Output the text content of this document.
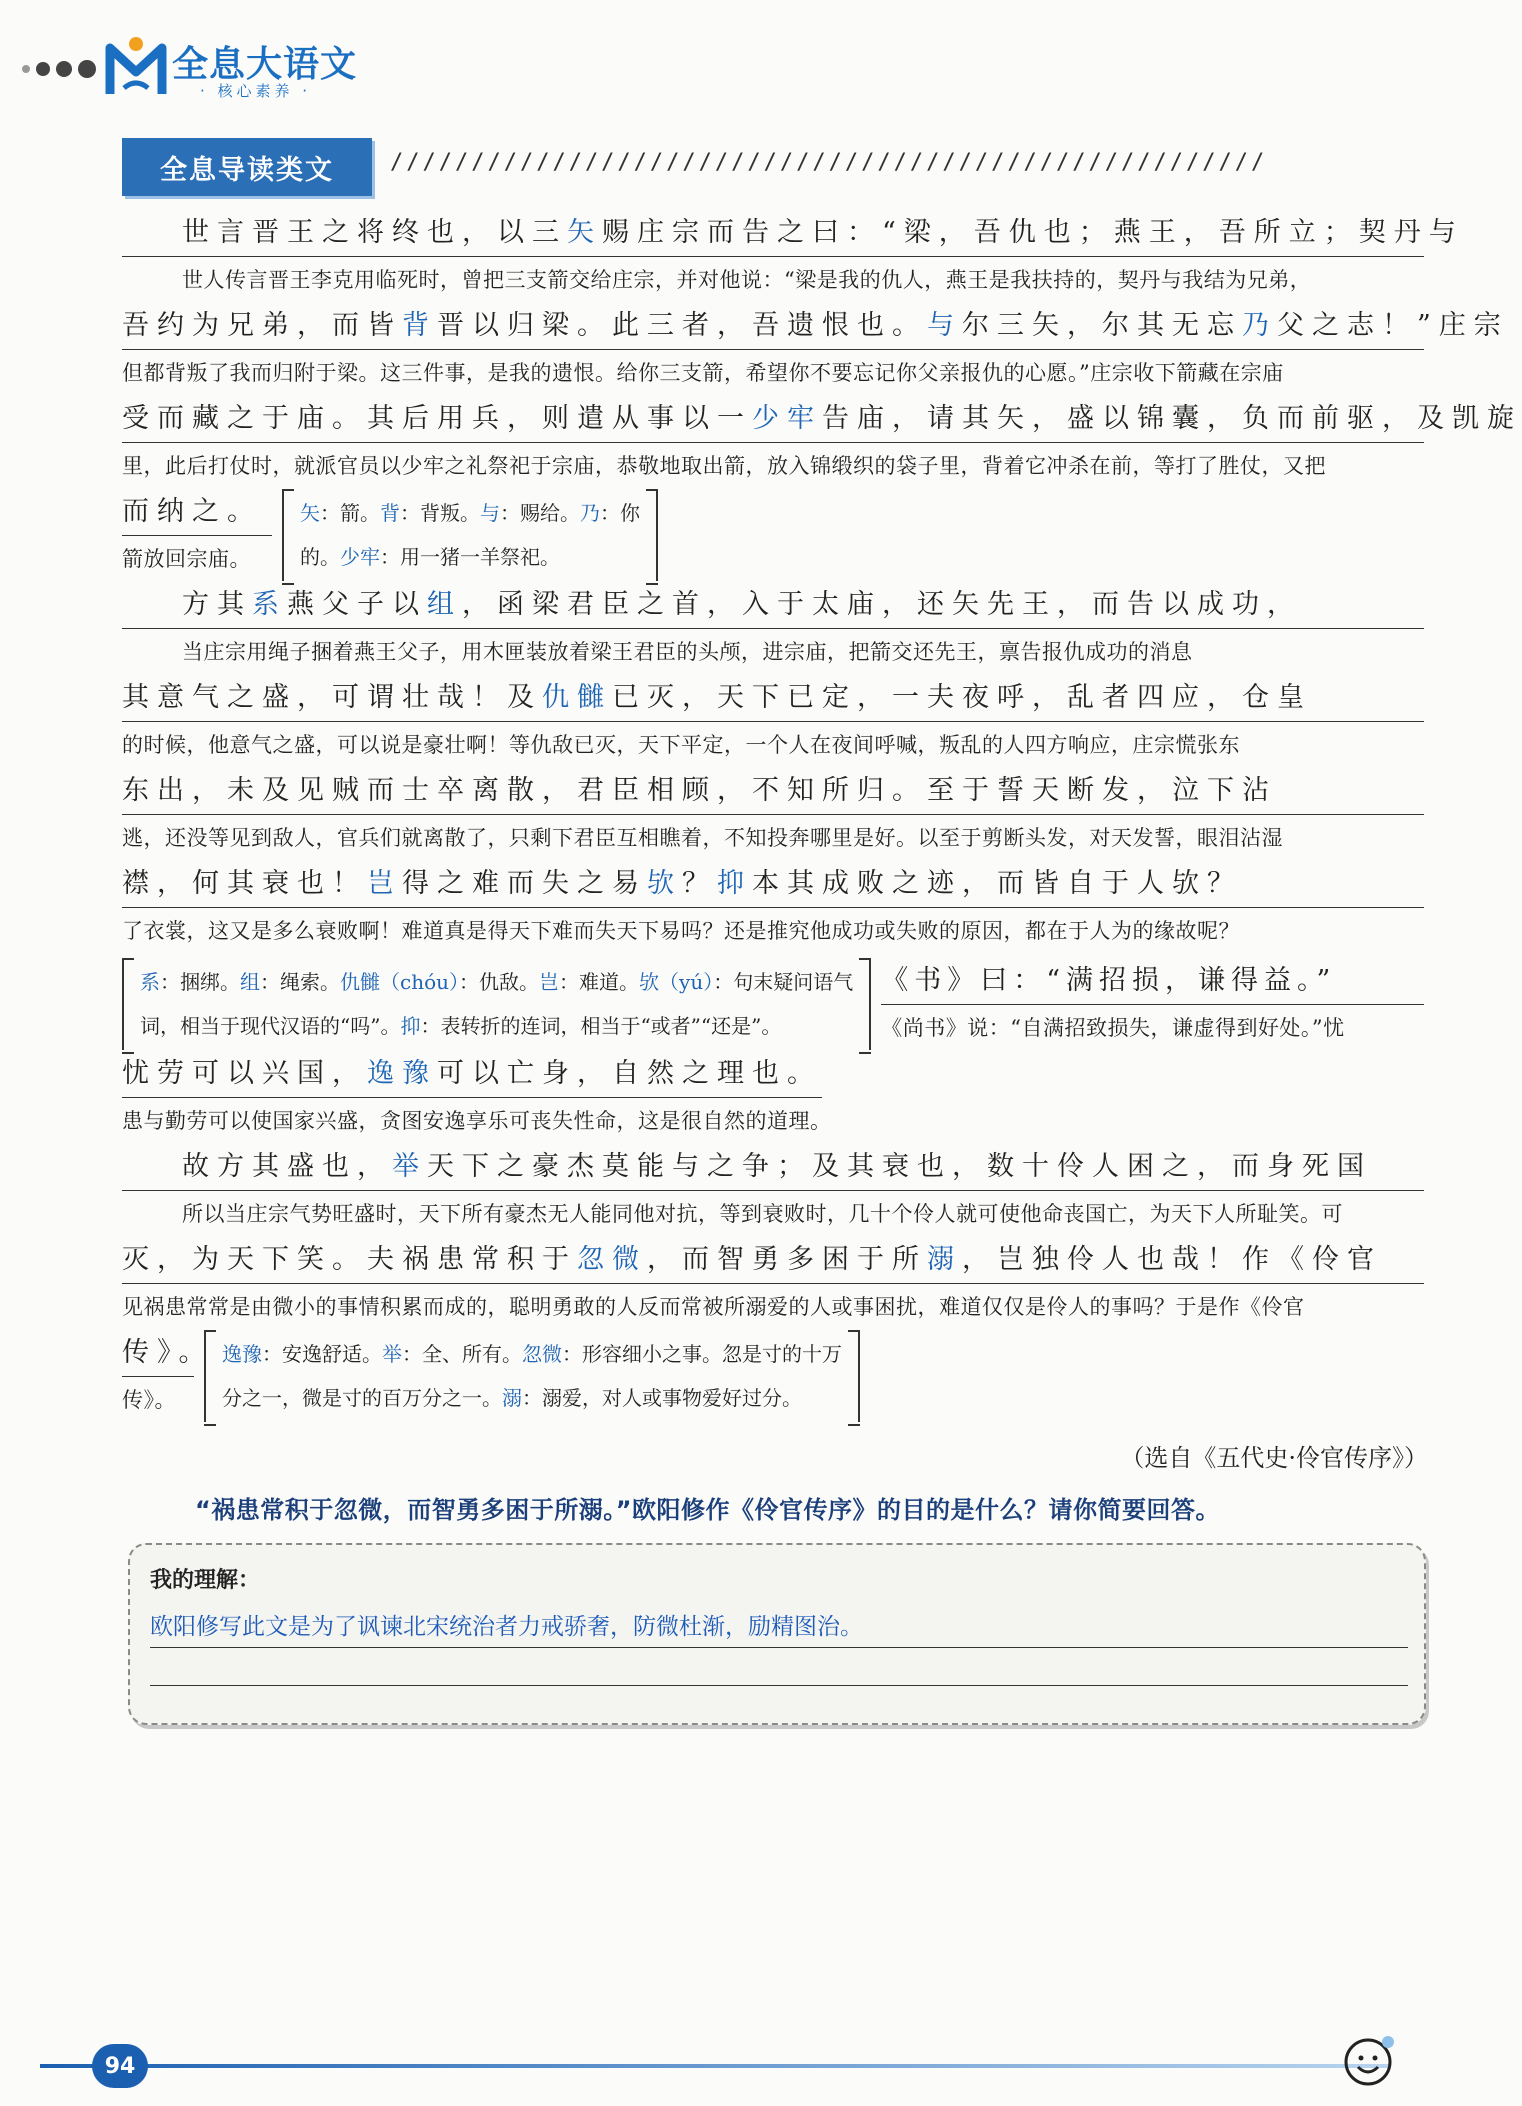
全息大语文
· 核心素养 ·
全息导读类文	//////////////////////////////////////////////////////
世言晋王之将终也，以三矢赐庄宗而告之曰：“梁，吾仇也；燕王，吾所立；契丹与
世人传言晋王李克用临死时，曾把三支箭交给庄宗，并对他说：“梁是我的仇人，燕王是我扶持的，契丹与我结为兄弟，
吾约为兄弟，而皆背晋以归梁。此三者，吾遗恨也。与尔三矢，尔其无忘乃父之志！”庄宗
但都背叛了我而归附于梁。这三件事，是我的遗恨。给你三支箭，希望你不要忘记你父亲报仇的心愿。”庄宗收下箭藏在宗庙
受而藏之于庙。其后用兵，则遣从事以一少牢告庙，请其矢，盛以锦囊，负而前驱，及凯旋
里，此后打仗时，就派官员以少牢之礼祭祀于宗庙，恭敬地取出箭，放入锦缎织的袋子里，背着它冲杀在前，等打了胜仗，又把
而纳之。
箭放回宗庙。
矢：箭。背：背叛。与：赐给。乃：你
的。少牢：用一猪一羊祭祀。
方其系燕父子以组，函梁君臣之首，入于太庙，还矢先王，而告以成功，
当庄宗用绳子捆着燕王父子，用木匣装放着梁王君臣的头颅，进宗庙，把箭交还先王，禀告报仇成功的消息
其意气之盛，可谓壮哉！及仇雠已灭，天下已定，一夫夜呼，乱者四应，仓皇
的时候，他意气之盛，可以说是豪壮啊！等仇敌已灭，天下平定，一个人在夜间呼喊，叛乱的人四方响应，庄宗慌张东
东出，未及见贼而士卒离散，君臣相顾，不知所归。至于誓天断发，泣下沾
逃，还没等见到敌人，官兵们就离散了，只剩下君臣互相瞧着，不知投奔哪里是好。以至于剪断头发，对天发誓，眼泪沾湿
襟，何其衰也！岂得之难而失之易欤？抑本其成败之迹，而皆自于人欤？
了衣裳，这又是多么衰败啊！难道真是得天下难而失天下易吗？还是推究他成功或失败的原因，都在于人为的缘故呢？
系：捆绑。组：绳索。仇雠（chóu）：仇敌。岂：难道。欤（yú）：句末疑问语气
词，相当于现代汉语的“吗”。抑：表转折的连词，相当于“或者”“还是”。
《书》曰：“满招损，谦得益。”
《尚书》说：“自满招致损失，谦虚得到好处。”忧
忧劳可以兴国，逸豫可以亡身，自然之理也。
患与勤劳可以使国家兴盛，贪图安逸享乐可丧失性命，这是很自然的道理。
故方其盛也，举天下之豪杰莫能与之争；及其衰也，数十伶人困之，而身死国
所以当庄宗气势旺盛时，天下所有豪杰无人能同他对抗，等到衰败时，几十个伶人就可使他命丧国亡，为天下人所耻笑。可
灭，为天下笑。夫祸患常积于忽微，而智勇多困于所溺，岂独伶人也哉！作《伶官
见祸患常常是由微小的事情积累而成的，聪明勇敢的人反而常被所溺爱的人或事困扰，难道仅仅是伶人的事吗？于是作《伶官
传》。
传》。
逸豫：安逸舒适。举：全、所有。忽微：形容细小之事。忽是寸的十万
分之一，微是寸的百万分之一。溺：溺爱，对人或事物爱好过分。
（选自《五代史·伶官传序》）
“祸患常积于忽微，而智勇多困于所溺。”欧阳修作《伶官传序》的目的是什么？请你简要回答。
我的理解：
欧阳修写此文是为了讽谏北宋统治者力戒骄奢，防微杜渐，励精图治。
94
